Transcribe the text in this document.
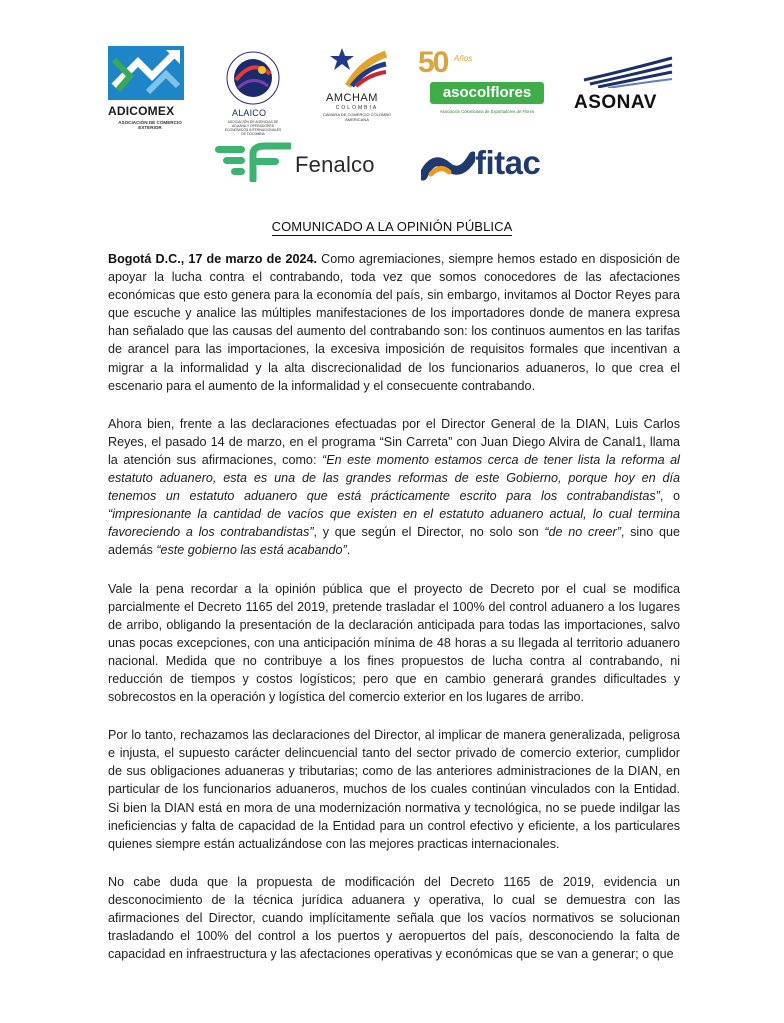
ADICOMEX
ASOCIACIÓN DE COMERCIO EXTERIOR
ALAICO
ASOCIACIÓN DE AGENCIAS DE ADUANA Y OPERADORES ECONÓMICOS INTERNACIONALES DE COLOMBIA
AMCHAM
COLOMBIA
CÁMARA DE COMERCIO COLOMBO AMERICANA
50 Años
asocolflores
Asociación Colombiana de Exportadores de Flores	ASONAV
Fenalco	fitac
COMUNICADO A LA OPINIÓN PÚBLICA

Bogotá D.C., 17 de marzo de 2024. Como agremiaciones, siempre hemos estado en disposición de apoyar la lucha contra el contrabando, toda vez que somos conocedores de las afectaciones económicas que esto genera para la economía del país, sin embargo, invitamos al Doctor Reyes para que escuche y analice las múltiples manifestaciones de los importadores donde de manera expresa han señalado que las causas del aumento del contrabando son: los continuos aumentos en las tarifas de arancel para las importaciones, la excesiva imposición de requisitos formales que incentivan a migrar a la informalidad y la alta discrecionalidad de los funcionarios aduaneros, lo que crea el escenario para el aumento de la informalidad y el consecuente contrabando.

Ahora bien, frente a las declaraciones efectuadas por el Director General de la DIAN, Luis Carlos Reyes, el pasado 14 de marzo, en el programa “Sin Carreta” con Juan Diego Alvira de Canal1, llama la atención sus afirmaciones, como: “En este momento estamos cerca de tener lista la reforma al estatuto aduanero, esta es una de las grandes reformas de este Gobierno, porque hoy en día tenemos un estatuto aduanero que está prácticamente escrito para los contrabandistas”, o “impresionante la cantidad de vacíos que existen en el estatuto aduanero actual, lo cual termina favoreciendo a los contrabandistas”, y que según el Director, no solo son “de no creer”, sino que además “este gobierno las está acabando”.

Vale la pena recordar a la opinión pública que el proyecto de Decreto por el cual se modifica parcialmente el Decreto 1165 del 2019, pretende trasladar el 100% del control aduanero a los lugares de arribo, obligando la presentación de la declaración anticipada para todas las importaciones, salvo unas pocas excepciones, con una anticipación mínima de 48 horas a su llegada al territorio aduanero nacional. Medida que no contribuye a los fines propuestos de lucha contra al contrabando, ni reducción de tiempos y costos logísticos; pero que en cambio generará grandes dificultades y sobrecostos en la operación y logística del comercio exterior en los lugares de arribo.

Por lo tanto, rechazamos las declaraciones del Director, al implicar de manera generalizada, peligrosa e injusta, el supuesto carácter delincuencial tanto del sector privado de comercio exterior, cumplidor de sus obligaciones aduaneras y tributarias; como de las anteriores administraciones de la DIAN, en particular de los funcionarios aduaneros, muchos de los cuales continúan vinculados con la Entidad. Si bien la DIAN está en mora de una modernización normativa y tecnológica, no se puede indilgar las ineficiencias y falta de capacidad de la Entidad para un control efectivo y eficiente, a los particulares quienes siempre están actualizándose con las mejores practicas internacionales.

No cabe duda que la propuesta de modificación del Decreto 1165 de 2019, evidencia un desconocimiento de la técnica jurídica aduanera y operativa, lo cual se demuestra con las afirmaciones del Director, cuando implícitamente señala que los vacíos normativos se solucionan trasladando el 100% del control a los puertos y aeropuertos del país, desconociendo la falta de capacidad en infraestructura y las afectaciones operativas y económicas que se van a generar; o que
